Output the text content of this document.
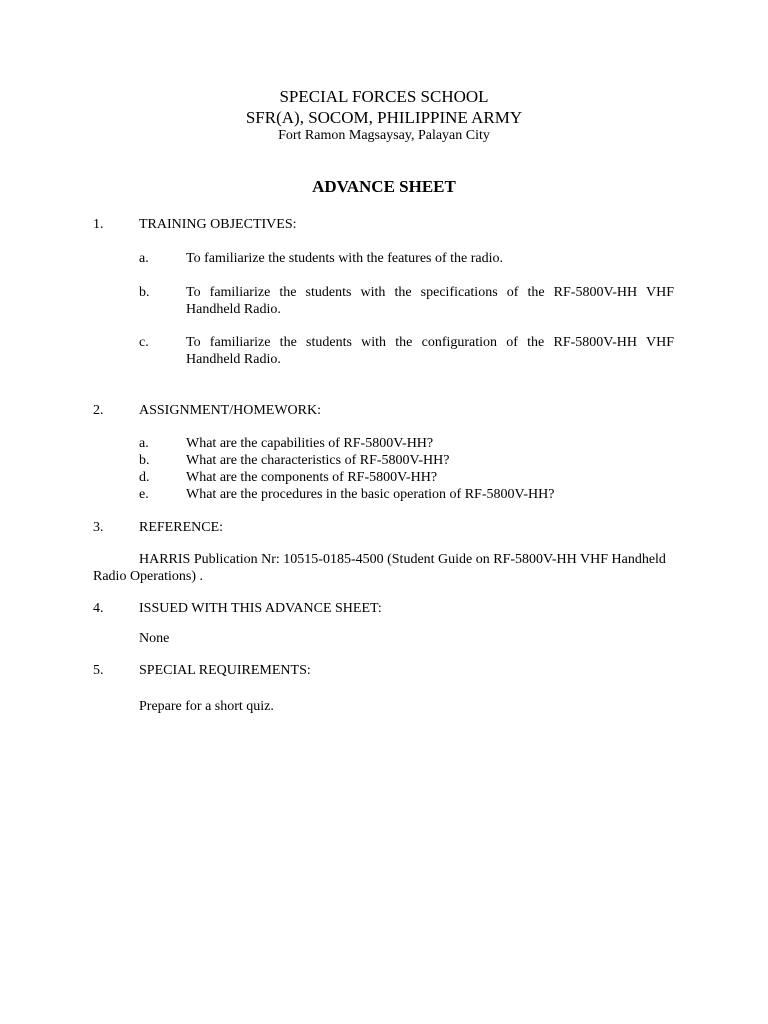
SPECIAL FORCES SCHOOL
SFR(A), SOCOM, PHILIPPINE ARMY
Fort Ramon Magsaysay, Palayan City
ADVANCE SHEET
1.	TRAINING OBJECTIVES:
a.	To familiarize the students with the features of the radio.
b.	To familiarize the students with the specifications of the RF-5800V-HH VHF Handheld Radio.
c.	To familiarize the students with the configuration of the RF-5800V-HH VHF Handheld Radio.
2.	ASSIGNMENT/HOMEWORK:
a.	What are the capabilities of RF-5800V-HH?
b.	What are the characteristics of RF-5800V-HH?
d.	What are the components of RF-5800V-HH?
e.	What are the procedures in the basic operation of RF-5800V-HH?
3.	REFERENCE:
HARRIS Publication Nr: 10515-0185-4500 (Student Guide on RF-5800V-HH VHF Handheld Radio Operations) .
4.	ISSUED WITH THIS ADVANCE SHEET:
None
5.	SPECIAL REQUIREMENTS:
Prepare for a short quiz.
